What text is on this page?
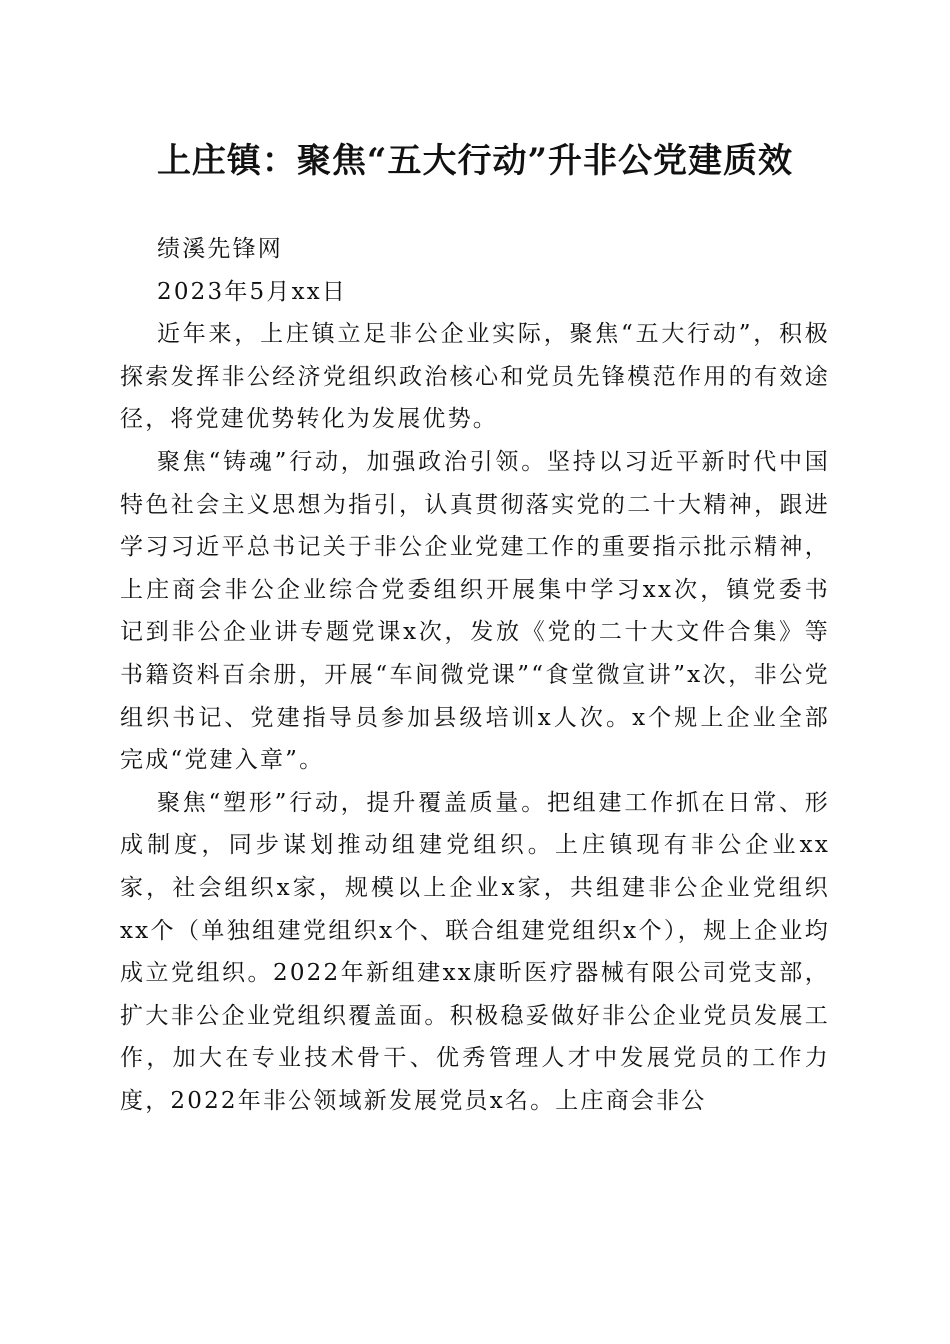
上庄镇：聚焦“五大行动”升非公党建质效

绩溪先锋网

2023年5月xx日

近年来，上庄镇立足非公企业实际，聚焦“五大行动”，积极探索发挥非公经济党组织政治核心和党员先锋模范作用的有效途径，将党建优势转化为发展优势。

聚焦“铸魂”行动，加强政治引领。坚持以习近平新时代中国特色社会主义思想为指引，认真贯彻落实党的二十大精神，跟进学习习近平总书记关于非公企业党建工作的重要指示批示精神，上庄商会非公企业综合党委组织开展集中学习xx次，镇党委书记到非公企业讲专题党课x次，发放《党的二十大文件合集》等书籍资料百余册，开展“车间微党课”“食堂微宣讲”x次，非公党组织书记、党建指导员参加县级培训x人次。x个规上企业全部完成“党建入章”。

聚焦“塑形”行动，提升覆盖质量。把组建工作抓在日常、形成制度，同步谋划推动组建党组织。上庄镇现有非公企业xx家，社会组织x家，规模以上企业x家，共组建非公企业党组织xx个（单独组建党组织x个、联合组建党组织x个），规上企业均成立党组织。2022年新组建xx康昕医疗器械有限公司党支部，扩大非公企业党组织覆盖面。积极稳妥做好非公企业党员发展工作，加大在专业技术骨干、优秀管理人才中发展党员的工作力度，2022年非公领域新发展党员x名。上庄商会非公
